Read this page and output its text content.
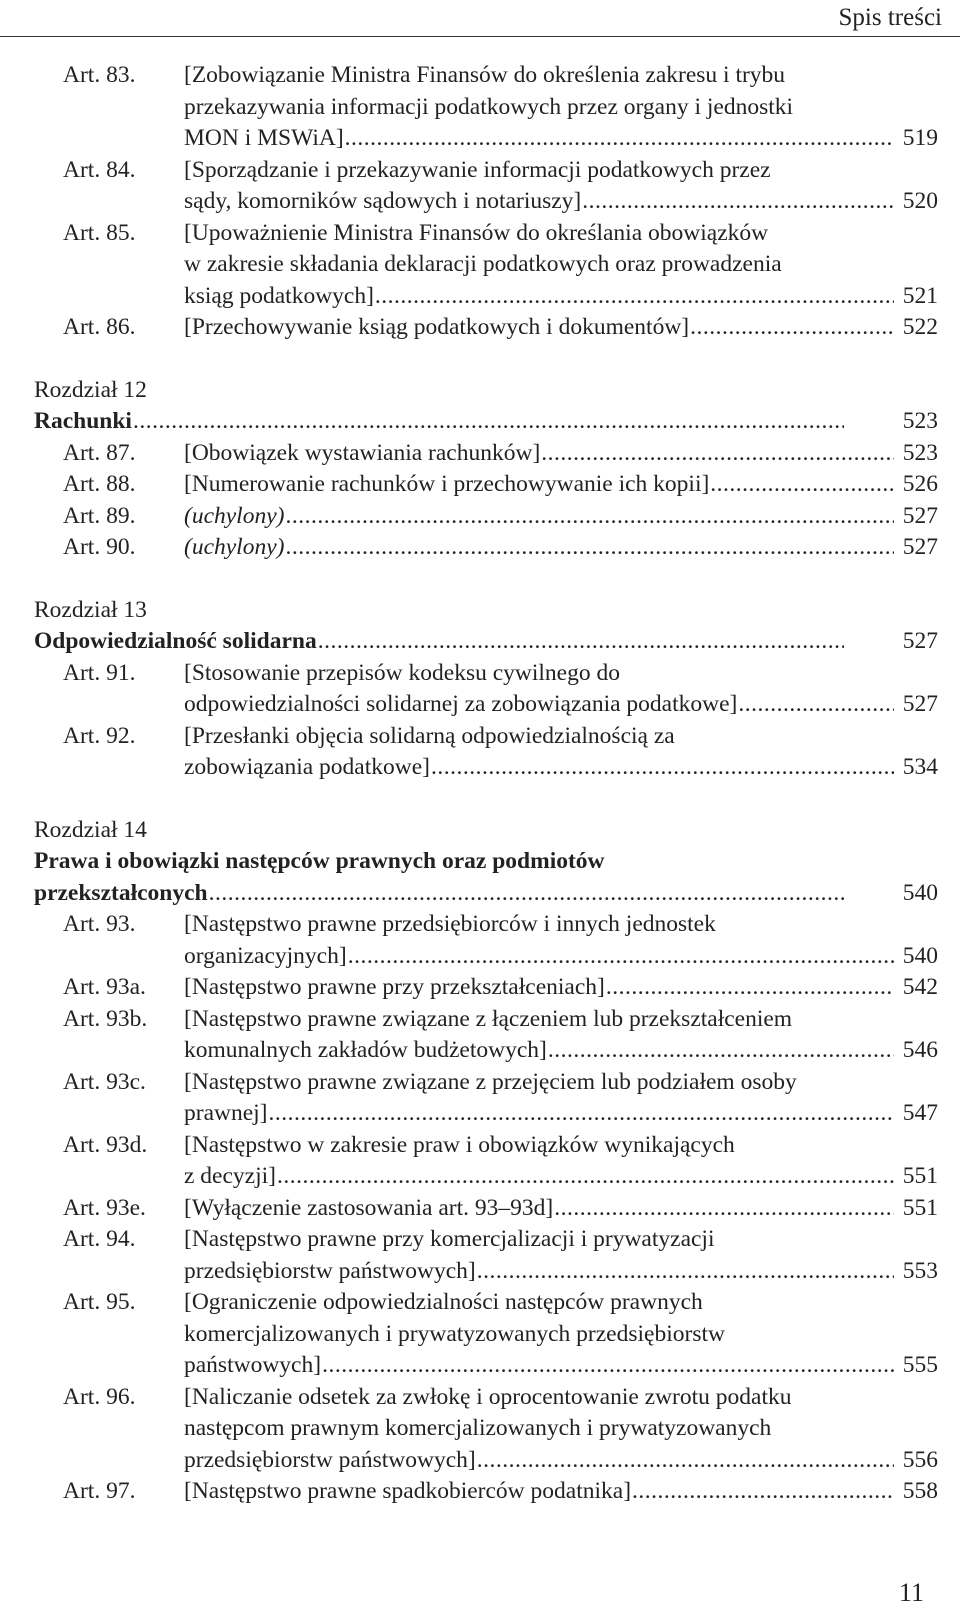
Spis treści
Art. 83. [Zobowiązanie Ministra Finansów do określenia zakresu i trybu
przekazywania informacji podatkowych przez organy i jednostki
MON i MSWiA] .....	519
Art. 84. [Sporządzanie i przekazywanie informacji podatkowych przez
sądy, komorników sądowych i notariuszy] .....	520
Art. 85. [Upoważnienie Ministra Finansów do określania obowiązków
w zakresie składania deklaracji podatkowych oraz prowadzenia
ksiąg podatkowych] .....	521
Art. 86. [Przechowywanie ksiąg podatkowych i dokumentów] .....	522
Rozdział 12
Rachunki .....	523
Art. 87. [Obowiązek wystawiania rachunków] .....	523
Art. 88. [Numerowanie rachunków i przechowywanie ich kopii] .....	526
Art. 89. (uchylony) .....	527
Art. 90. (uchylony) .....	527
Rozdział 13
Odpowiedzialność solidarna .....	527
Art. 91. [Stosowanie przepisów kodeksu cywilnego do
odpowiedzialności solidarnej za zobowiązania podatkowe] .....	527
Art. 92. [Przesłanki objęcia solidarną odpowiedzialnością za
zobowiązania podatkowe] .....	534
Rozdział 14
Prawa i obowiązki następców prawnych oraz podmiotów
przekształconych .....	540
Art. 93. [Następstwo prawne przedsiębiorców i innych jednostek
organizacyjnych] .....	540
Art. 93a. [Następstwo prawne przy przekształceniach] .....	542
Art. 93b. [Następstwo prawne związane z łączeniem lub przekształceniem
komunalnych zakładów budżetowych] .....	546
Art. 93c. [Następstwo prawne związane z przejęciem lub podziałem osoby
prawnej] .....	547
Art. 93d. [Następstwo w zakresie praw i obowiązków wynikających
z decyzji] .....	551
Art. 93e. [Wyłączenie zastosowania art. 93–93d] .....	551
Art. 94. [Następstwo prawne przy komercjalizacji i prywatyzacji
przedsiębiorstw państwowych] .....	553
Art. 95. [Ograniczenie odpowiedzialności następców prawnych
komercjalizowanych i prywatyzowanych przedsiębiorstw
państwowych] .....	555
Art. 96. [Naliczanie odsetek za zwłokę i oprocentowanie zwrotu podatku
następcom prawnym komercjalizowanych i prywatyzowanych
przedsiębiorstw państwowych] .....	556
Art. 97. [Następstwo prawne spadkobierców podatnika] .....	558
11
